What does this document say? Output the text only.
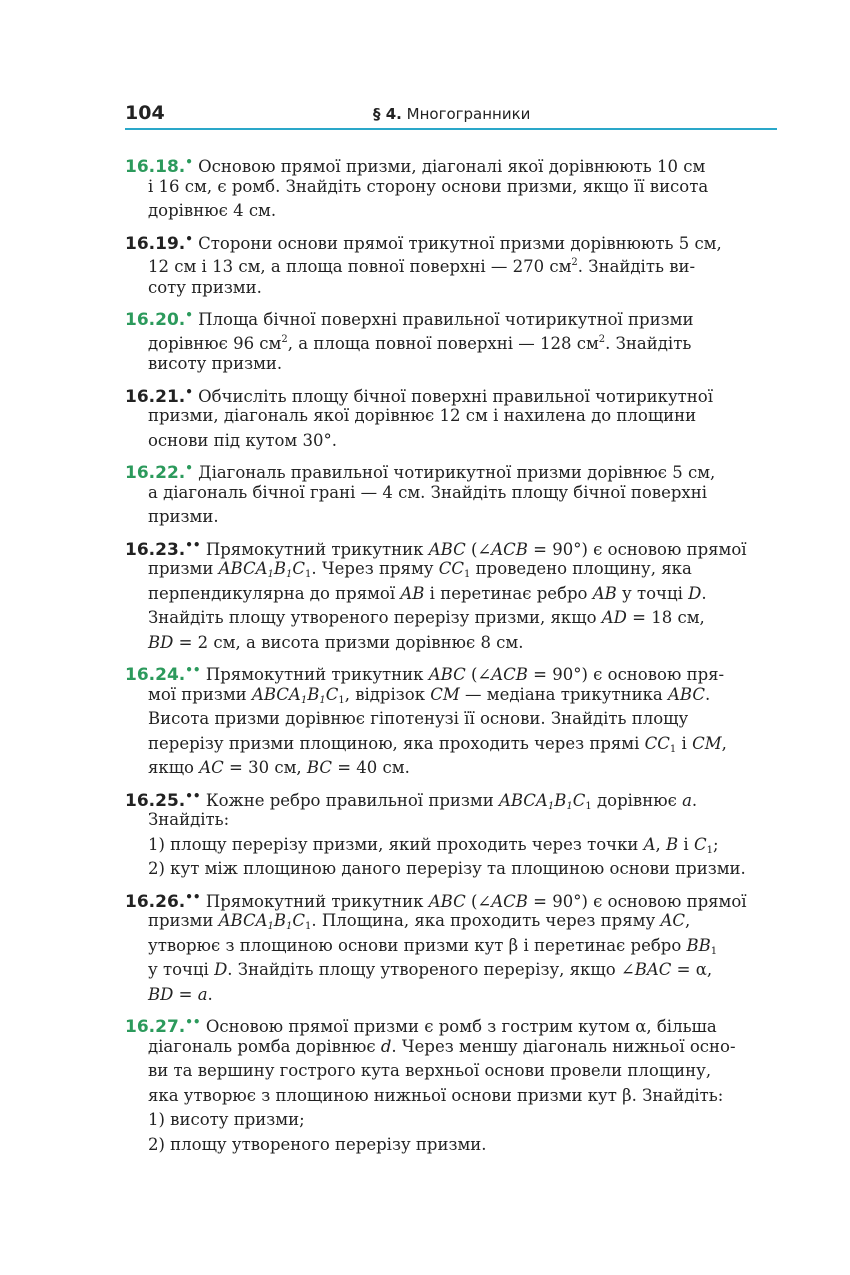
104	§ 4. Многогранники
16.18.• Основою прямої призми, діагоналі якої дорівнюють 10 см
і 16 см, є ромб. Знайдіть сторону основи призми, якщо її висота
дорівнює 4 см.
16.19.• Сторони основи прямої трикутної призми дорівнюють 5 см,
12 см і 13 см, а площа повної поверхні — 270 $см^2$. Знайдіть ви-
соту призми.
16.20.• Площа бічної поверхні правильної чотирикутної призми
дорівнює 96 $см^2$, а площа повної поверхні — 128 $см^2$. Знайдіть
висоту призми.
16.21.• Обчисліть площу бічної поверхні правильної чотирикутної
призми, діагональ якої дорівнює 12 см і нахилена до площини
основи під кутом 30°.
16.22.• Діагональ правильної чотирикутної призми дорівнює 5 см,
а діагональ бічної грані — 4 см. Знайдіть площу бічної поверхні
призми.
16.23.•• Прямокутний трикутник ABC (∠ACB = 90°) є основою прямої
призми $ABCA_1B_1C_1$. Через пряму $CC_1$ проведено площину, яка
перпендикулярна до прямої AB і перетинає ребро AB у точці D.
Знайдіть площу утвореного перерізу призми, якщо AD = 18 см,
BD = 2 см, а висота призми дорівнює 8 см.
16.24.•• Прямокутний трикутник ABC (∠ACB = 90°) є основою пря-
мої призми $ABCA_1B_1C_1$, відрізок CM — медіана трикутника ABC.
Висота призми дорівнює гіпотенузі її основи. Знайдіть площу
перерізу призми площиною, яка проходить через прямі $CC_1$ і CM,
якщо AC = 30 см, BC = 40 см.
16.25.•• Кожне ребро правильної призми $ABCA_1B_1C_1$ дорівнює a.
Знайдіть:
1) площу перерізу призми, який проходить через точки A, B і $C_1$;
2) кут між площиною даного перерізу та площиною основи призми.
16.26.•• Прямокутний трикутник ABC (∠ACB = 90°) є основою прямої
призми $ABCA_1B_1C_1$. Площина, яка проходить через пряму AC,
утворює з площиною основи призми кут β і перетинає ребро $BB_1$
у точці D. Знайдіть площу утвореного перерізу, якщо ∠BAC = α,
BD = a.
16.27.•• Основою прямої призми є ромб з гострим кутом α, більша
діагональ ромба дорівнює d. Через меншу діагональ нижньої осно-
ви та вершину гострого кута верхньої основи провели площину,
яка утворює з площиною нижньої основи призми кут β. Знайдіть:
1) висоту призми;
2) площу утвореного перерізу призми.
